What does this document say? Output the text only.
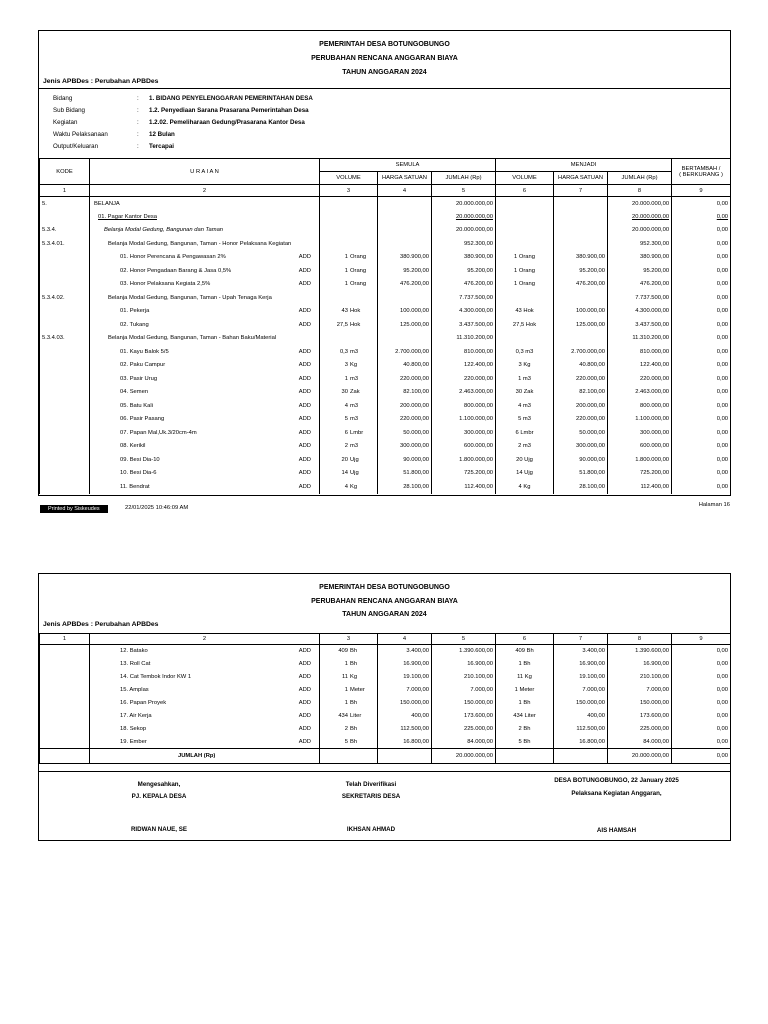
PEMERINTAH DESA BOTUNGOBUNGO
PERUBAHAN RENCANA ANGGARAN BIAYA
TAHUN ANGGARAN 2024
Jenis APBDes : Perubahan APBDes
Bidang	: 1. BIDANG PENYELENGGARAN PEMERINTAHAN DESA
Sub Bidang	: 1.2. Penyediaan Sarana Prasarana Pemerintahan Desa
Kegiatan	: 1.2.02. Pemeliharaan Gedung/Prasarana Kantor Desa
Waktu Pelaksanaan	: 12 Bulan
Output/Keluaran	: Tercapai
KODE	U R A I A N	SEMULA			MENJADI			BERTAMBAH /
( BERKURANG )
		VOLUME	HARGA SATUAN	JUMLAH (Rp)	VOLUME	HARGA SATUAN	JUMLAH (Rp)	
1	2	3	4	5	6	7	8	9
5.	BELANJA			20.000.000,00			20.000.000,00	0,00
	01. Pagar Kantor Desa			20.000.000,00			20.000.000,00	0,00
5.3.4.	Belanja Modal Gedung, Bangunan dan Taman			20.000.000,00			20.000.000,00	0,00
5.3.4.01.	Belanja Modal Gedung, Bangunan, Taman - Honor Pelaksana Kegiatan			952.300,00			952.300,00	0,00
	01. Honor Perencana & Pengawasan 2% ADD	1 Orang	380.900,00	380.900,00	1 Orang	380.900,00	380.900,00	0,00
	02. Honor Pengadaan Barang & Jasa 0,5% ADD	1 Orang	95.200,00	95.200,00	1 Orang	95.200,00	95.200,00	0,00
	03. Honor Pelaksana Kegiata 2,5% ADD	1 Orang	476.200,00	476.200,00	1 Orang	476.200,00	476.200,00	0,00
5.3.4.02.	Belanja Modal Gedung, Bangunan, Taman - Upah Tenaga Kerja			7.737.500,00			7.737.500,00	0,00
	01. Pekerja ADD	43 Hok	100.000,00	4.300.000,00	43 Hok	100.000,00	4.300.000,00	0,00
	02. Tukang ADD	27,5 Hok	125.000,00	3.437.500,00	27,5 Hok	125.000,00	3.437.500,00	0,00
5.3.4.03.	Belanja Modal Gedung, Bangunan, Taman - Bahan Baku/Material			11.310.200,00			11.310.200,00	0,00
	01. Kayu Balok 5/5 ADD	0,3 m3	2.700.000,00	810.000,00	0,3 m3	2.700.000,00	810.000,00	0,00
	02. Paku Campur ADD	3 Kg	40.800,00	122.400,00	3 Kg	40.800,00	122.400,00	0,00
	03. Pasir Urug ADD	1 m3	220.000,00	220.000,00	1 m3	220.000,00	220.000,00	0,00
	04. Semen ADD	30 Zak	82.100,00	2.463.000,00	30 Zak	82.100,00	2.463.000,00	0,00
	05. Batu Kali ADD	4 m3	200.000,00	800.000,00	4 m3	200.000,00	800.000,00	0,00
	06. Pasir Pasang ADD	5 m3	220.000,00	1.100.000,00	5 m3	220.000,00	1.100.000,00	0,00
	07. Papan Mal,Uk.3/20cm-4m ADD	6 Lmbr	50.000,00	300.000,00	6 Lmbr	50.000,00	300.000,00	0,00
	08. Kerikil ADD	2 m3	300.000,00	600.000,00	2 m3	300.000,00	600.000,00	0,00
	09. Besi Dia-10 ADD	20 Ujg	90.000,00	1.800.000,00	20 Ujg	90.000,00	1.800.000,00	0,00
	10. Besi Dia-6 ADD	14 Ujg	51.800,00	725.200,00	14 Ujg	51.800,00	725.200,00	0,00
	11. Bendrat ADD	4 Kg	28.100,00	112.400,00	4 Kg	28.100,00	112.400,00	0,00
Printed by Siskeudes	22/01/2025 10:46:09 AM	Halaman 16
PEMERINTAH DESA BOTUNGOBUNGO
PERUBAHAN RENCANA ANGGARAN BIAYA
TAHUN ANGGARAN 2024
Jenis APBDes : Perubahan APBDes
1	2	3	4	5	6	7	8	9
	12. Batako ADD	409 Bh	3.400,00	1.390.600,00	409 Bh	3.400,00	1.390.600,00	0,00
	13. Roll Cat ADD	1 Bh	16.900,00	16.900,00	1 Bh	16.900,00	16.900,00	0,00
	14. Cat Tembok Indor KW 1 ADD	11 Kg	19.100,00	210.100,00	11 Kg	19.100,00	210.100,00	0,00
	15. Amplas ADD	1 Meter	7.000,00	7.000,00	1 Meter	7.000,00	7.000,00	0,00
	16. Papan Proyek ADD	1 Bh	150.000,00	150.000,00	1 Bh	150.000,00	150.000,00	0,00
	17. Air Kerja ADD	434 Liter	400,00	173.600,00	434 Liter	400,00	173.600,00	0,00
	18. Sekop ADD	2 Bh	112.500,00	225.000,00	2 Bh	112.500,00	225.000,00	0,00
	19. Ember ADD	5 Bh	16.800,00	84.000,00	5 Bh	16.800,00	84.000,00	0,00
	JUMLAH (Rp)			20.000.000,00			20.000.000,00	0,00
Mengesahkan,
PJ. KEPALA DESA
RIDWAN NAUE, SE
Telah Diverifikasi
SEKRETARIS DESA
IKHSAN AHMAD
DESA BOTUNGOBUNGO, 22 January 2025
Pelaksana Kegiatan Anggaran,
AIS HAMSAH
